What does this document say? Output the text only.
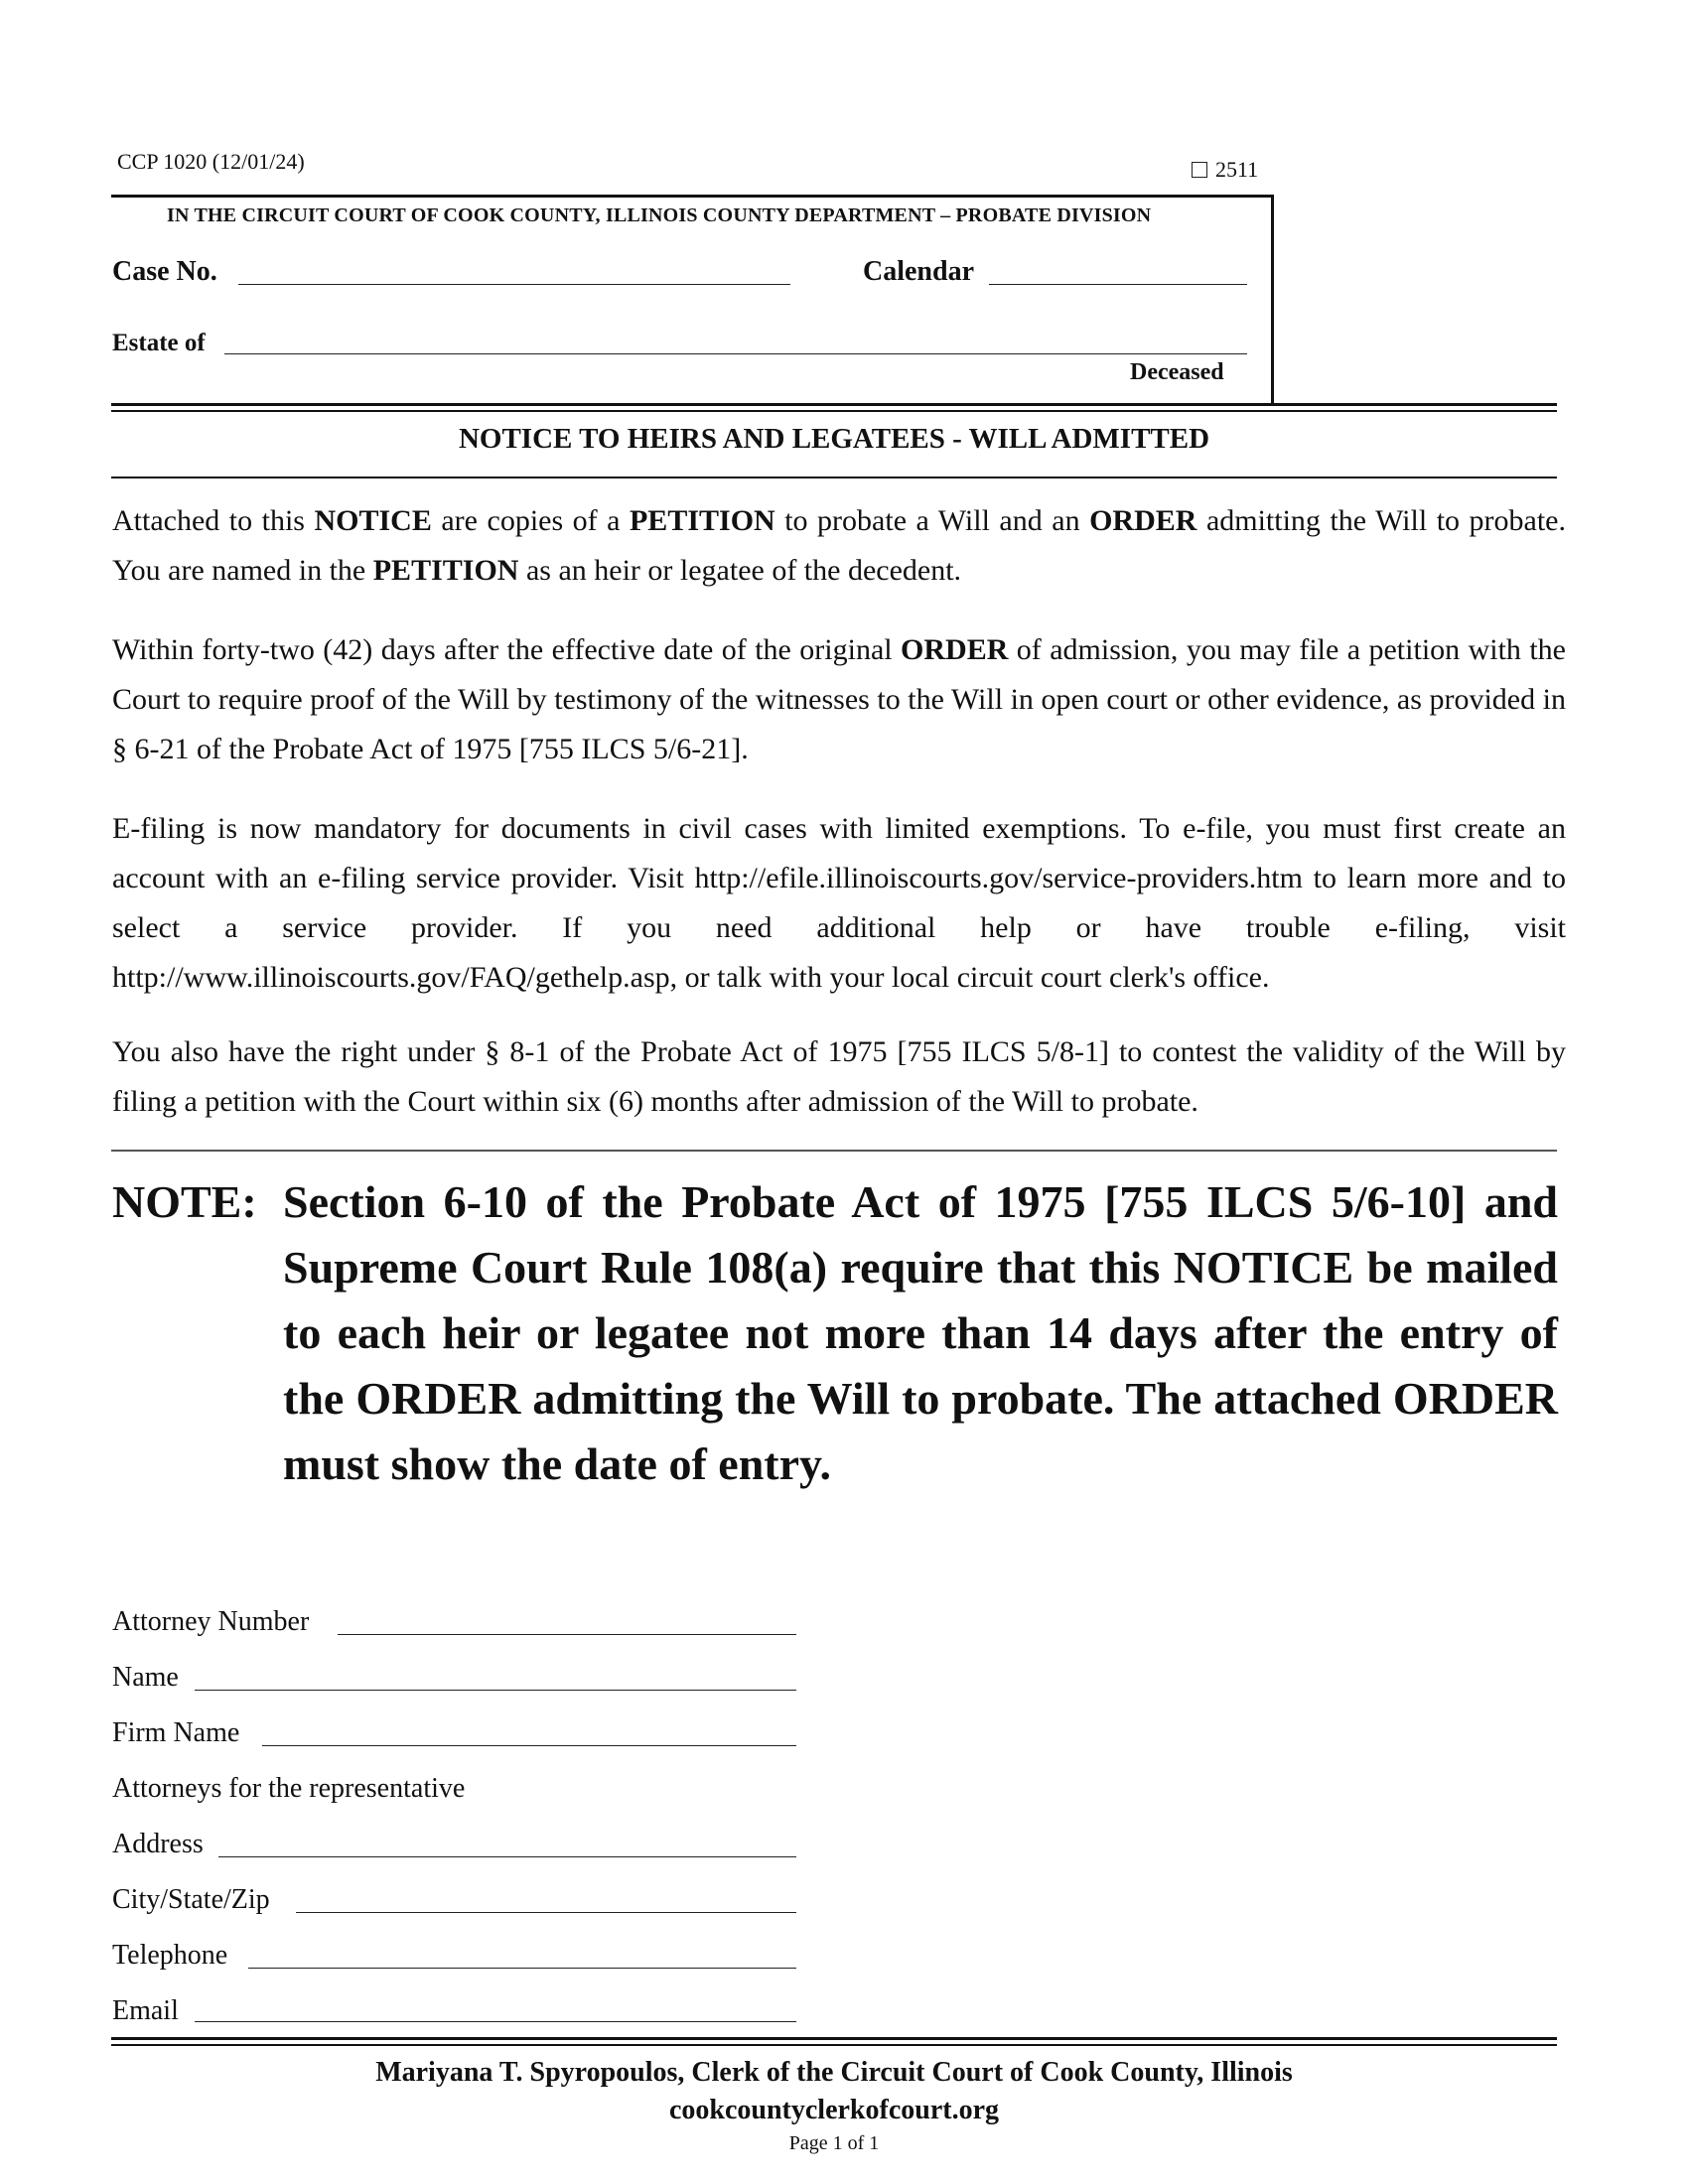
CCP 1020 (12/01/24)	2511
IN THE CIRCUIT COURT OF COOK COUNTY, ILLINOIS COUNTY DEPARTMENT – PROBATE DIVISION
Case No.	Calendar
Estate of
Deceased
NOTICE TO HEIRS AND LEGATEES - WILL ADMITTED
Attached to this NOTICE are copies of a PETITION to probate a Will and an ORDER admitting the Will to probate. You are named in the PETITION as an heir or legatee of the decedent.
Within forty-two (42) days after the effective date of the original ORDER of admission, you may file a petition with the Court to require proof of the Will by testimony of the witnesses to the Will in open court or other evidence, as provided in § 6-21 of the Probate Act of 1975 [755 ILCS 5/6-21].
E-filing is now mandatory for documents in civil cases with limited exemptions. To e-file, you must first create an account with an e-filing service provider. Visit http://efile.illinoiscourts.gov/service-providers.htm to learn more and to select a service provider. If you need additional help or have trouble e-filing, visit http://www.illinoiscourts.gov/FAQ/gethelp.asp, or talk with your local circuit court clerk's office.
You also have the right under § 8-1 of the Probate Act of 1975 [755 ILCS 5/8-1] to contest the validity of the Will by filing a petition with the Court within six (6) months after admission of the Will to probate.
NOTE: Section 6-10 of the Probate Act of 1975 [755 ILCS 5/6-10] and Supreme Court Rule 108(a) require that this NOTICE be mailed to each heir or legatee not more than 14 days after the entry of the ORDER admitting the Will to probate. The attached ORDER must show the date of entry.
Attorney Number
Name
Firm Name
Attorneys for the representative
Address
City/State/Zip
Telephone
Email
Mariyana T. Spyropoulos, Clerk of the Circuit Court of Cook County, Illinois
cookcountyclerkofcourt.org
Page 1 of 1
